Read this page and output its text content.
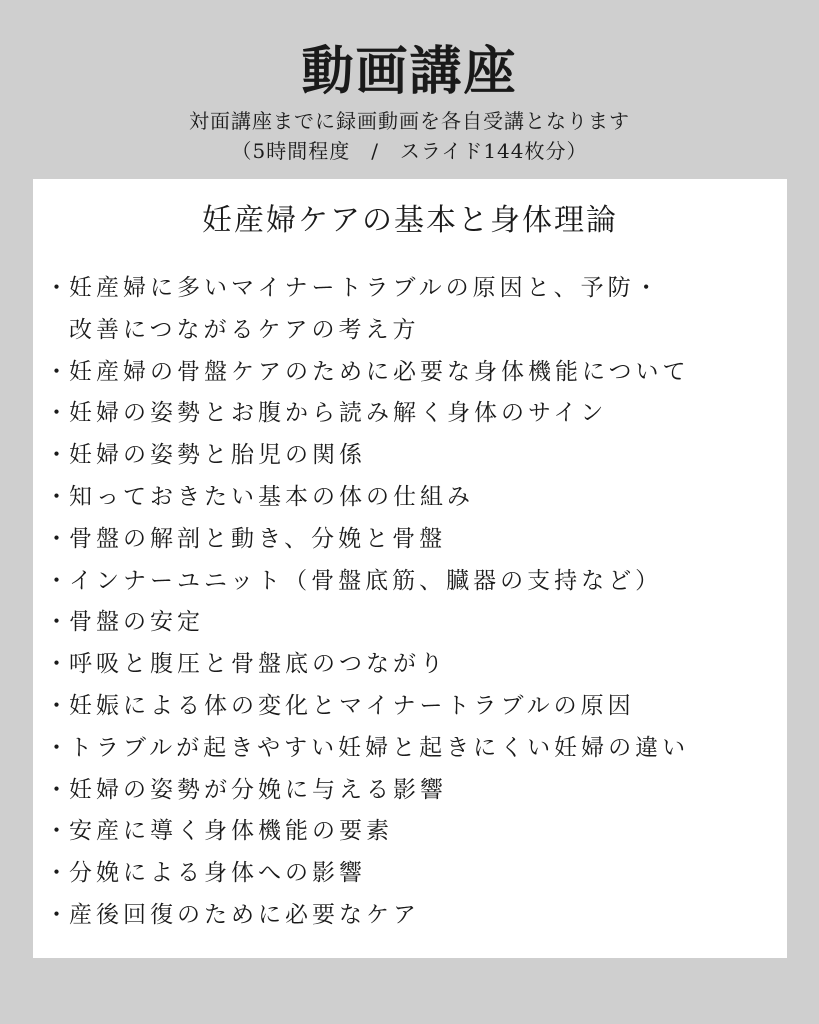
動画講座

対面講座までに録画動画を各自受講となります

（5時間程度　/　スライド144枚分）

妊産婦ケアの基本と身体理論
・
妊産婦に多いマイナートラブルの原因と、予防・
改善につながるケアの考え方
・
妊産婦の骨盤ケアのために必要な身体機能について
・
妊婦の姿勢とお腹から読み解く身体のサイン
・
妊婦の姿勢と胎児の関係
・
知っておきたい基本の体の仕組み
・
骨盤の解剖と動き、分娩と骨盤
・
インナーユニット（骨盤底筋、臓器の支持など）
・
骨盤の安定
・
呼吸と腹圧と骨盤底のつながり
・
妊娠による体の変化とマイナートラブルの原因
・
トラブルが起きやすい妊婦と起きにくい妊婦の違い
・
妊婦の姿勢が分娩に与える影響
・
安産に導く身体機能の要素
・
分娩による身体への影響
・
産後回復のために必要なケア
